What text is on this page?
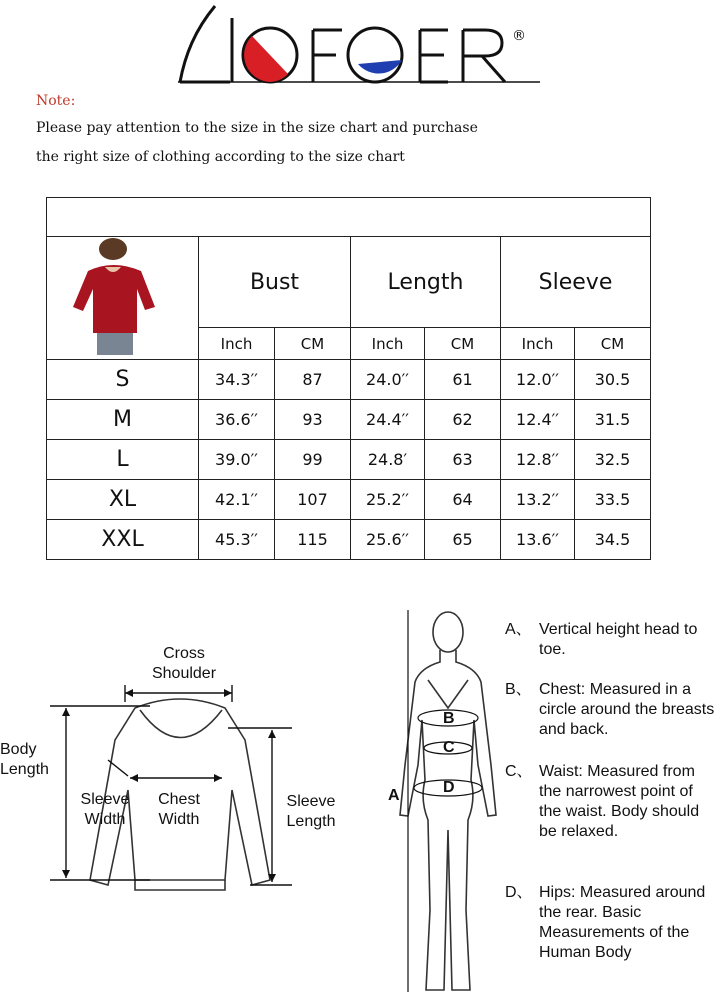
®
Note:
Please pay attention to the size in the size chart and purchase
the right size of clothing according to the size chart

	Bust		Length		Sleeve	
	Inch	CM	Inch	CM	Inch	CM
S	34.3′′	87	24.0′′	61	12.0′′	30.5
M	36.6′′	93	24.4′′	62	12.4′′	31.5
L	39.0′′	99	24.8′	63	12.8′′	32.5
XL	42.1′′	107	25.2′′	64	13.2′′	33.5
XXL	45.3′′	115	25.6′′	65	13.6′′	34.5
Cross
Shoulder
Body
Length
Sleeve
Width
Chest
Width
Sleeve
Length
A
B
C
D
A、 Vertical height head to toe.
B、 Chest: Measured in a circle around the breasts and back.
C、 Waist: Measured from the narrowest point of the waist. Body should be relaxed.
D、 Hips: Measured around the rear. Basic Measurements of the Human Body
